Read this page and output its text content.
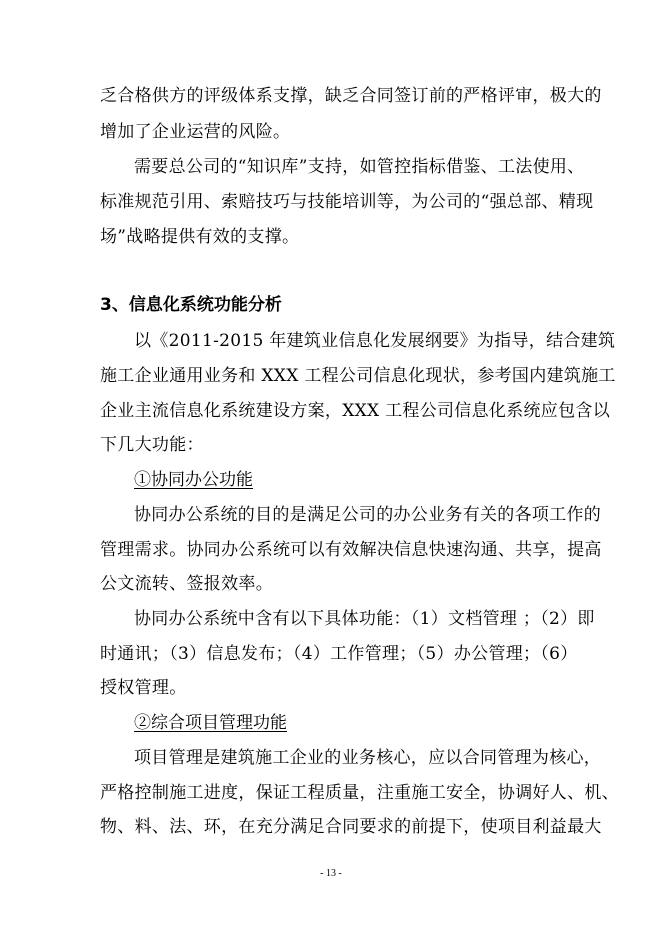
乏合格供方的评级体系支撑，缺乏合同签订前的严格评审，极大的
增加了企业运营的风险。
需要总公司的“知识库”支持，如管控指标借鉴、工法使用、
标准规范引用、索赔技巧与技能培训等，为公司的“强总部、精现
场”战略提供有效的支撑。
3、信息化系统功能分析
以《2011-2015 年建筑业信息化发展纲要》为指导，结合建筑
施工企业通用业务和 XXX 工程公司信息化现状，参考国内建筑施工
企业主流信息化系统建设方案，XXX 工程公司信息化系统应包含以
下几大功能：
①协同办公功能
协同办公系统的目的是满足公司的办公业务有关的各项工作的
管理需求。协同办公系统可以有效解决信息快速沟通、共享，提高
公文流转、签报效率。
协同办公系统中含有以下具体功能：（1）文档管理 ；（2）即
时通讯；（3）信息发布；（4）工作管理；（5）办公管理；（6）
授权管理。
②综合项目管理功能
项目管理是建筑施工企业的业务核心，应以合同管理为核心，
严格控制施工进度，保证工程质量，注重施工安全，协调好人、机、
物、料、法、环，在充分满足合同要求的前提下，使项目利益最大
- 13 -
